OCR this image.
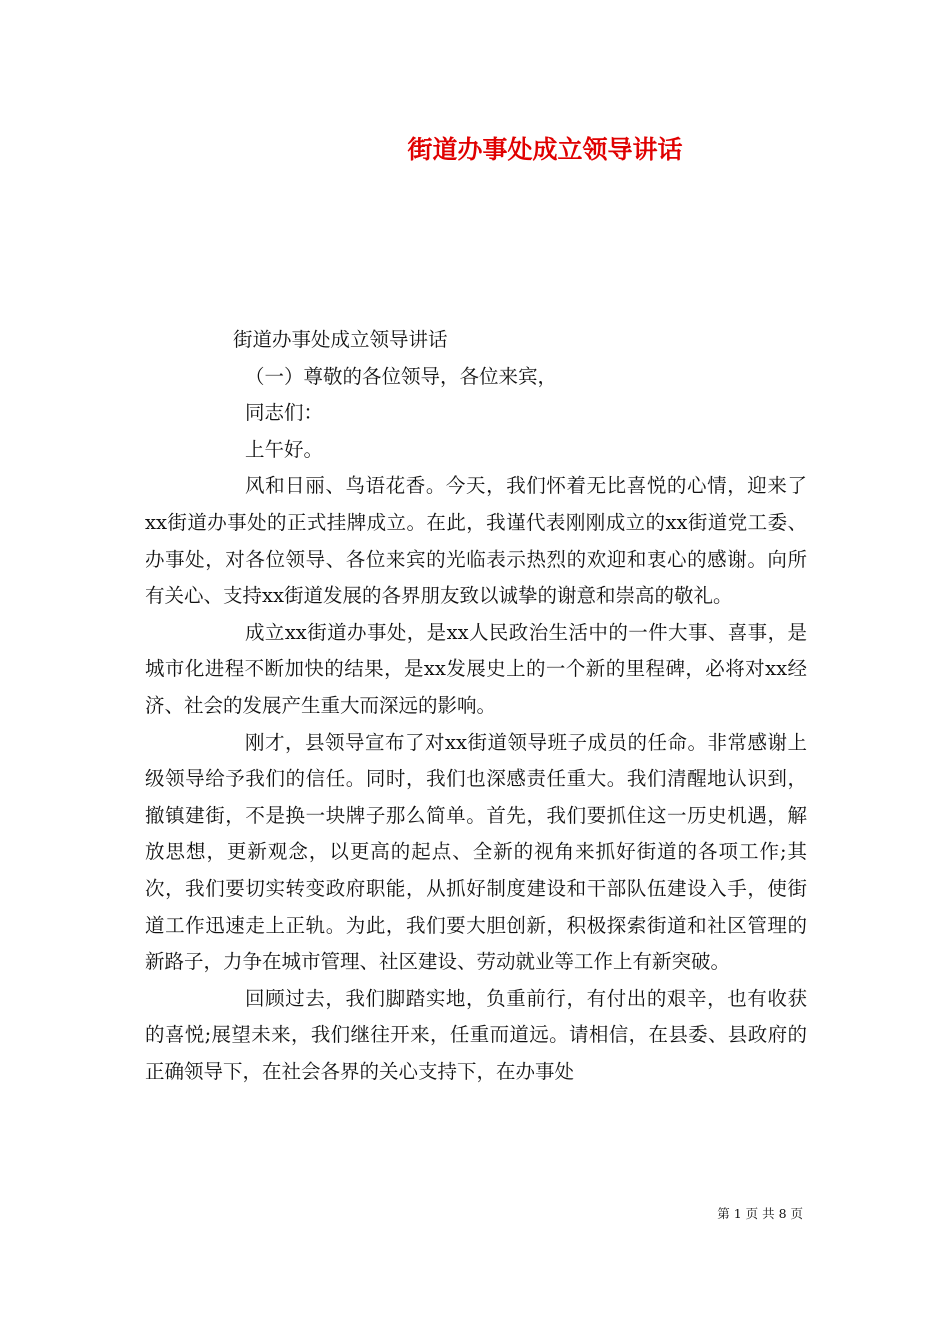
街道办事处成立领导讲话

街道办事处成立领导讲话

（一）尊敬的各位领导，各位来宾，

同志们：

上午好。

风和日丽、鸟语花香。今天，我们怀着无比喜悦的心情，迎来了xx街道办事处的正式挂牌成立。在此，我谨代表刚刚成立的xx街道党工委、办事处，对各位领导、各位来宾的光临表示热烈的欢迎和衷心的感谢。向所有关心、支持xx街道发展的各界朋友致以诚挚的谢意和崇高的敬礼。

成立xx街道办事处，是xx人民政治生活中的一件大事、喜事，是城市化进程不断加快的结果，是xx发展史上的一个新的里程碑，必将对xx经济、社会的发展产生重大而深远的影响。

刚才，县领导宣布了对xx街道领导班子成员的任命。非常感谢上级领导给予我们的信任。同时，我们也深感责任重大。我们清醒地认识到，撤镇建街，不是换一块牌子那么简单。首先，我们要抓住这一历史机遇，解放思想，更新观念，以更高的起点、全新的视角来抓好街道的各项工作;其次，我们要切实转变政府职能，从抓好制度建设和干部队伍建设入手，使街道工作迅速走上正轨。为此，我们要大胆创新，积极探索街道和社区管理的新路子，力争在城市管理、社区建设、劳动就业等工作上有新突破。

回顾过去，我们脚踏实地，负重前行，有付出的艰辛，也有收获的喜悦;展望未来，我们继往开来，任重而道远。请相信，在县委、县政府的正确领导下，在社会各界的关心支持下，在办事处

第 1 页 共 8 页
